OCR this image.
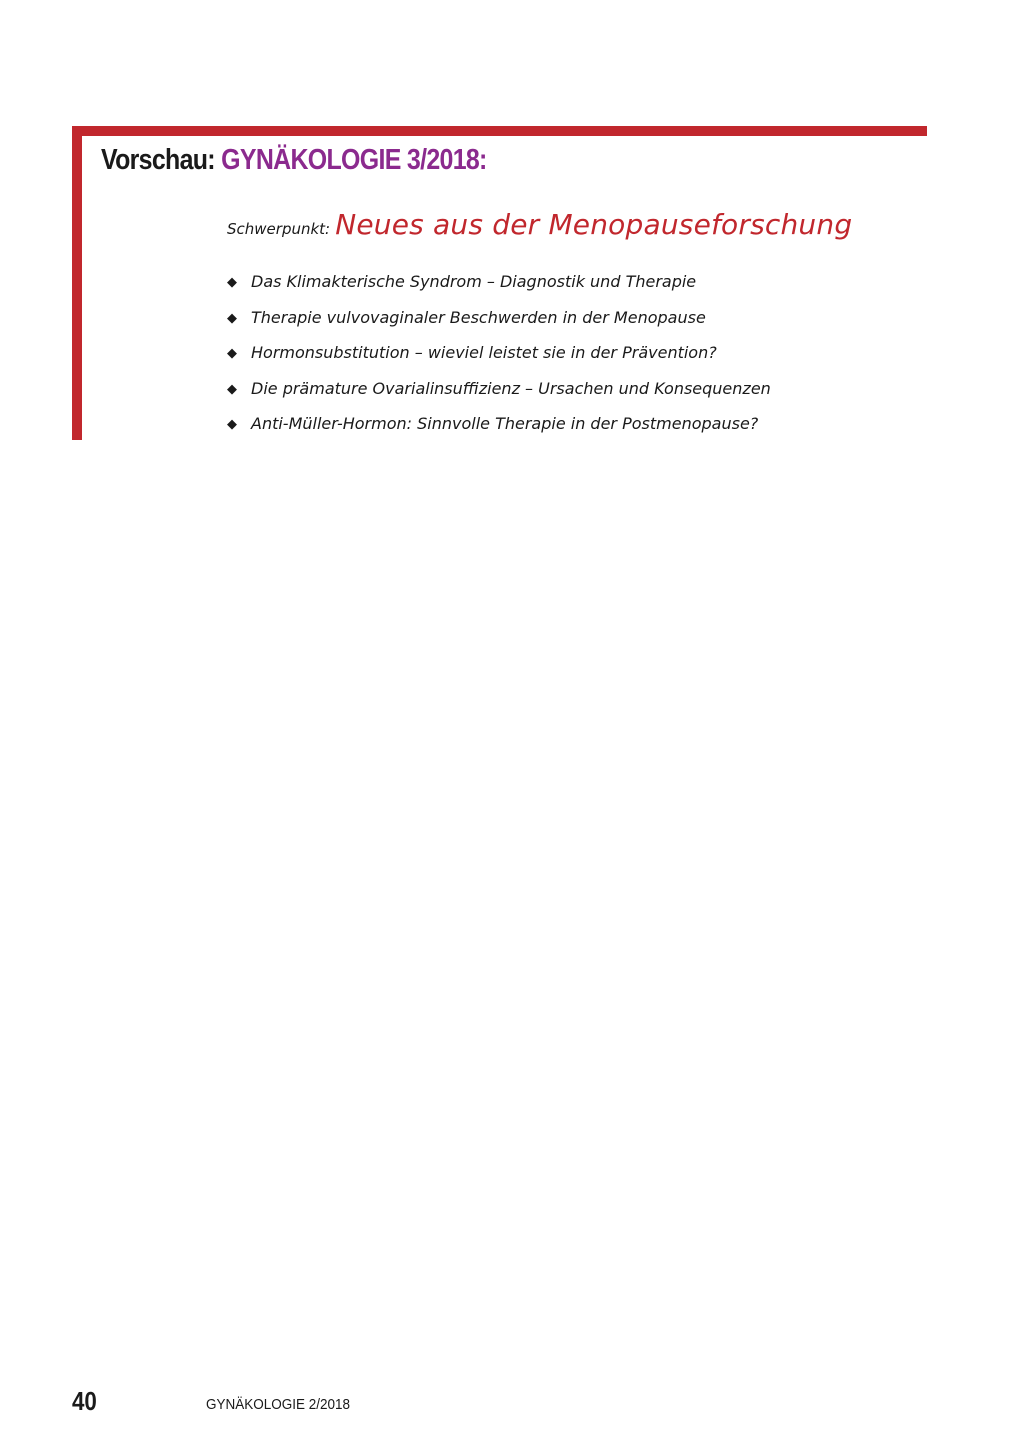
Vorschau: GYNÄKOLOGIE 3/2018:
Schwerpunkt: Neues aus der Menopauseforschung
◆ Das Klimakterische Syndrom – Diagnostik und Therapie
◆ Therapie vulvovaginaler Beschwerden in der Menopause
◆ Hormonsubstitution – wieviel leistet sie in der Prävention?
◆ Die prämature Ovarialinsuffizienz – Ursachen und Konsequenzen
◆ Anti-Müller-Hormon: Sinnvolle Therapie in der Postmenopause?
40	GYNÄKOLOGIE 2/2018
